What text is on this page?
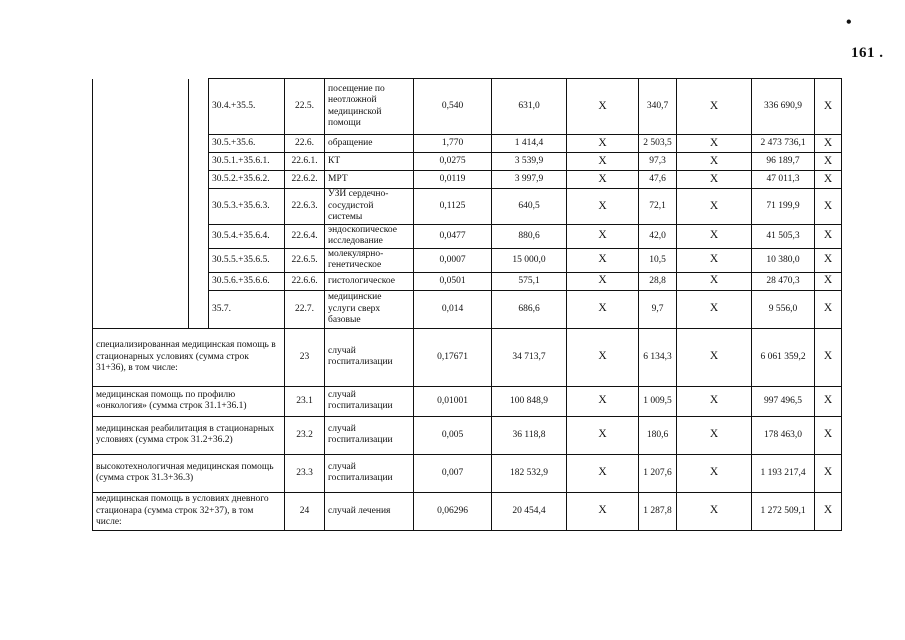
•
161 .
		30.4.+35.5.	22.5.	посещение по неотложной медицинской помощи	0,540	631,0	X	340,7	X	336 690,9	X
		30.5.+35.6.	22.6.	обращение	1,770	1 414,4	X	2 503,5	X	2 473 736,1	X
		30.5.1.+35.6.1.	22.6.1.	КТ	0,0275	3 539,9	X	97,3	X	96 189,7	X
		30.5.2.+35.6.2.	22.6.2.	МРТ	0,0119	3 997,9	X	47,6	X	47 011,3	X
		30.5.3.+35.6.3.	22.6.3.	УЗИ сердечно-сосудистой системы	0,1125	640,5	X	72,1	X	71 199,9	X
		30.5.4.+35.6.4.	22.6.4.	эндоскопическое исследование	0,0477	880,6	X	42,0	X	41 505,3	X
		30.5.5.+35.6.5.	22.6.5.	молекулярно-генетическое	0,0007	15 000,0	X	10,5	X	10 380,0	X
		30.5.6.+35.6.6.	22.6.6.	гистологическое	0,0501	575,1	X	28,8	X	28 470,3	X
		35.7.	22.7.	медицинские услуги сверх базовые	0,014	686,6	X	9,7	X	9 556,0	X
специализированная медицинская помощь в стационарных условиях (сумма строк 31+36), в том числе:			23	случай госпитализации	0,17671	34 713,7	X	6 134,3	X	6 061 359,2	X
медицинская помощь по профилю «онкология» (сумма строк 31.1+36.1)			23.1	случай госпитализации	0,01001	100 848,9	X	1 009,5	X	997 496,5	X
медицинская реабилитация в стационарных условиях (сумма строк 31.2+36.2)			23.2	случай госпитализации	0,005	36 118,8	X	180,6	X	178 463,0	X
высокотехнологичная медицинская помощь (сумма строк 31.3+36.3)			23.3	случай госпитализации	0,007	182 532,9	X	1 207,6	X	1 193 217,4	X
медицинская помощь в условиях дневного стационара (сумма строк 32+37), в том числе:			24	случай лечения	0,06296	20 454,4	X	1 287,8	X	1 272 509,1	X
